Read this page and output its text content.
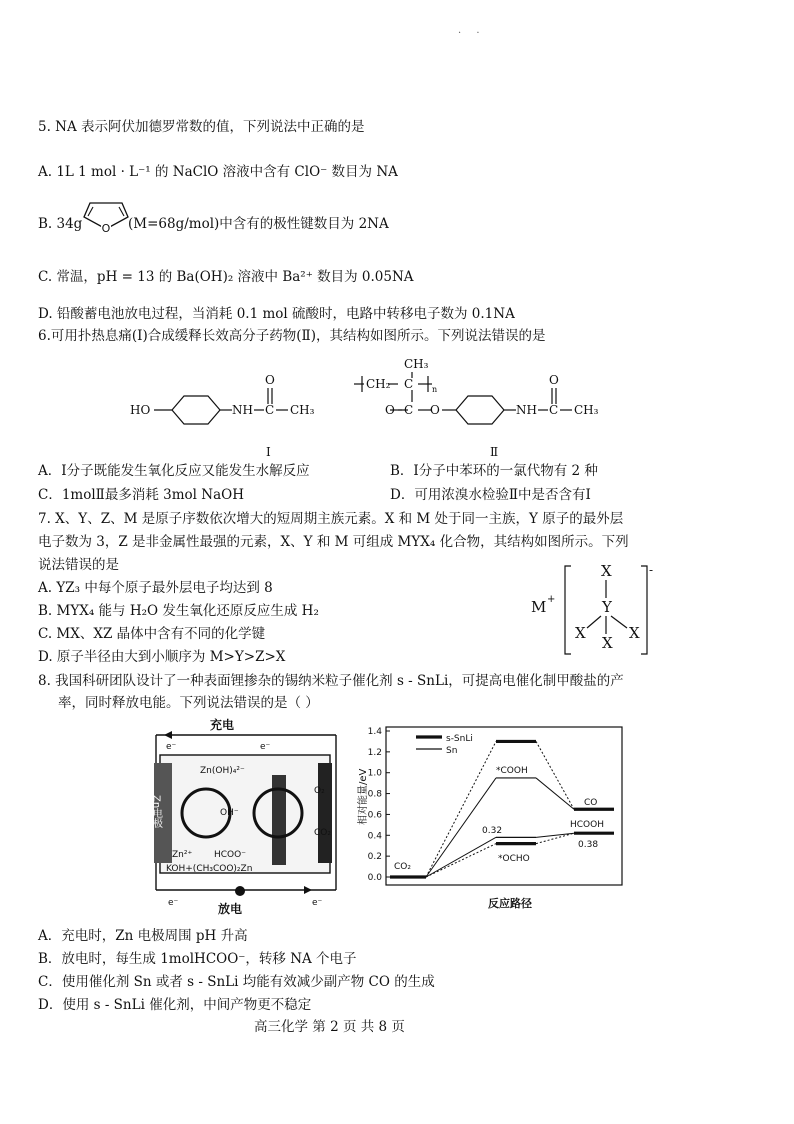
· ·
5. NA 表示阿伏加德罗常数的值，下列说法中正确的是
A. 1L 1 mol · L⁻¹ 的 NaClO 溶液中含有 ClO⁻ 数目为 NA
B. 34g O (M=68g/mol)中含有的极性键数目为 2NA
C. 常温，pH = 13 的 Ba(OH)₂ 溶液中 Ba²⁺ 数目为 0.05NA
D. 铅酸蓄电池放电过程，当消耗 0.1 mol 硫酸时，电路中转移电子数为 0.1NA
6.可用扑热息痛(Ⅰ)合成缓释长效高分子药物(Ⅱ)，其结构如图所示。下列说法错误的是
HO	NH C
O
CH₃
Ⅰ
CH₃
CH₂ C n
O C O	NH C
O
CH₃
Ⅱ
A．Ⅰ分子既能发生氧化反应又能发生水解反应	B．Ⅰ分子中苯环的一氯代物有 2 种
C．1molⅡ最多消耗 3mol NaOH	D．可用浓溴水检验Ⅱ中是否含有Ⅰ
7. X、Y、Z、M 是原子序数依次增大的短周期主族元素。X 和 M 处于同一主族，Y 原子的最外层
电子数为 3，Z 是非金属性最强的元素，X、Y 和 M 可组成 MYX₄ 化合物，其结构如图所示。下列
说法错误的是
A. YZ₃ 中每个原子最外层电子均达到 8
B. MYX₄ 能与 H₂O 发生氧化还原反应生成 H₂
C. MX、XZ 晶体中含有不同的化学键
D. 原子半径由大到小顺序为 M>Y>Z>X
M +
X
Y
X
X
X
-
8. 我国科研团队设计了一种表面锂掺杂的锡纳米粒子催化剂 s - SnLi，可提高电催化制甲酸盐的产
率，同时释放电能。下列说法错误的是（ ）
充电
e⁻	e⁻
Zn电极
Zn(OH)₄²⁻
OH⁻
O₂
CO₂
Zn²⁺ HCOO⁻
KOH+(CH₃COO)₂Zn
e⁻	e⁻
放电
0.0
0.2
0.4
0.6
0.8
1.0
1.2
1.4
相对能量/eV
反应路径
s-SnLi
Sn
CO₂
*COOH
CO
HCOOH
0.32
0.38
*OCHO
A．充电时，Zn 电极周围 pH 升高
B．放电时，每生成 1molHCOO⁻，转移 NA 个电子
C．使用催化剂 Sn 或者 s - SnLi 均能有效减少副产物 CO 的生成
D．使用 s - SnLi 催化剂，中间产物更不稳定
高三化学 第 2 页 共 8 页
